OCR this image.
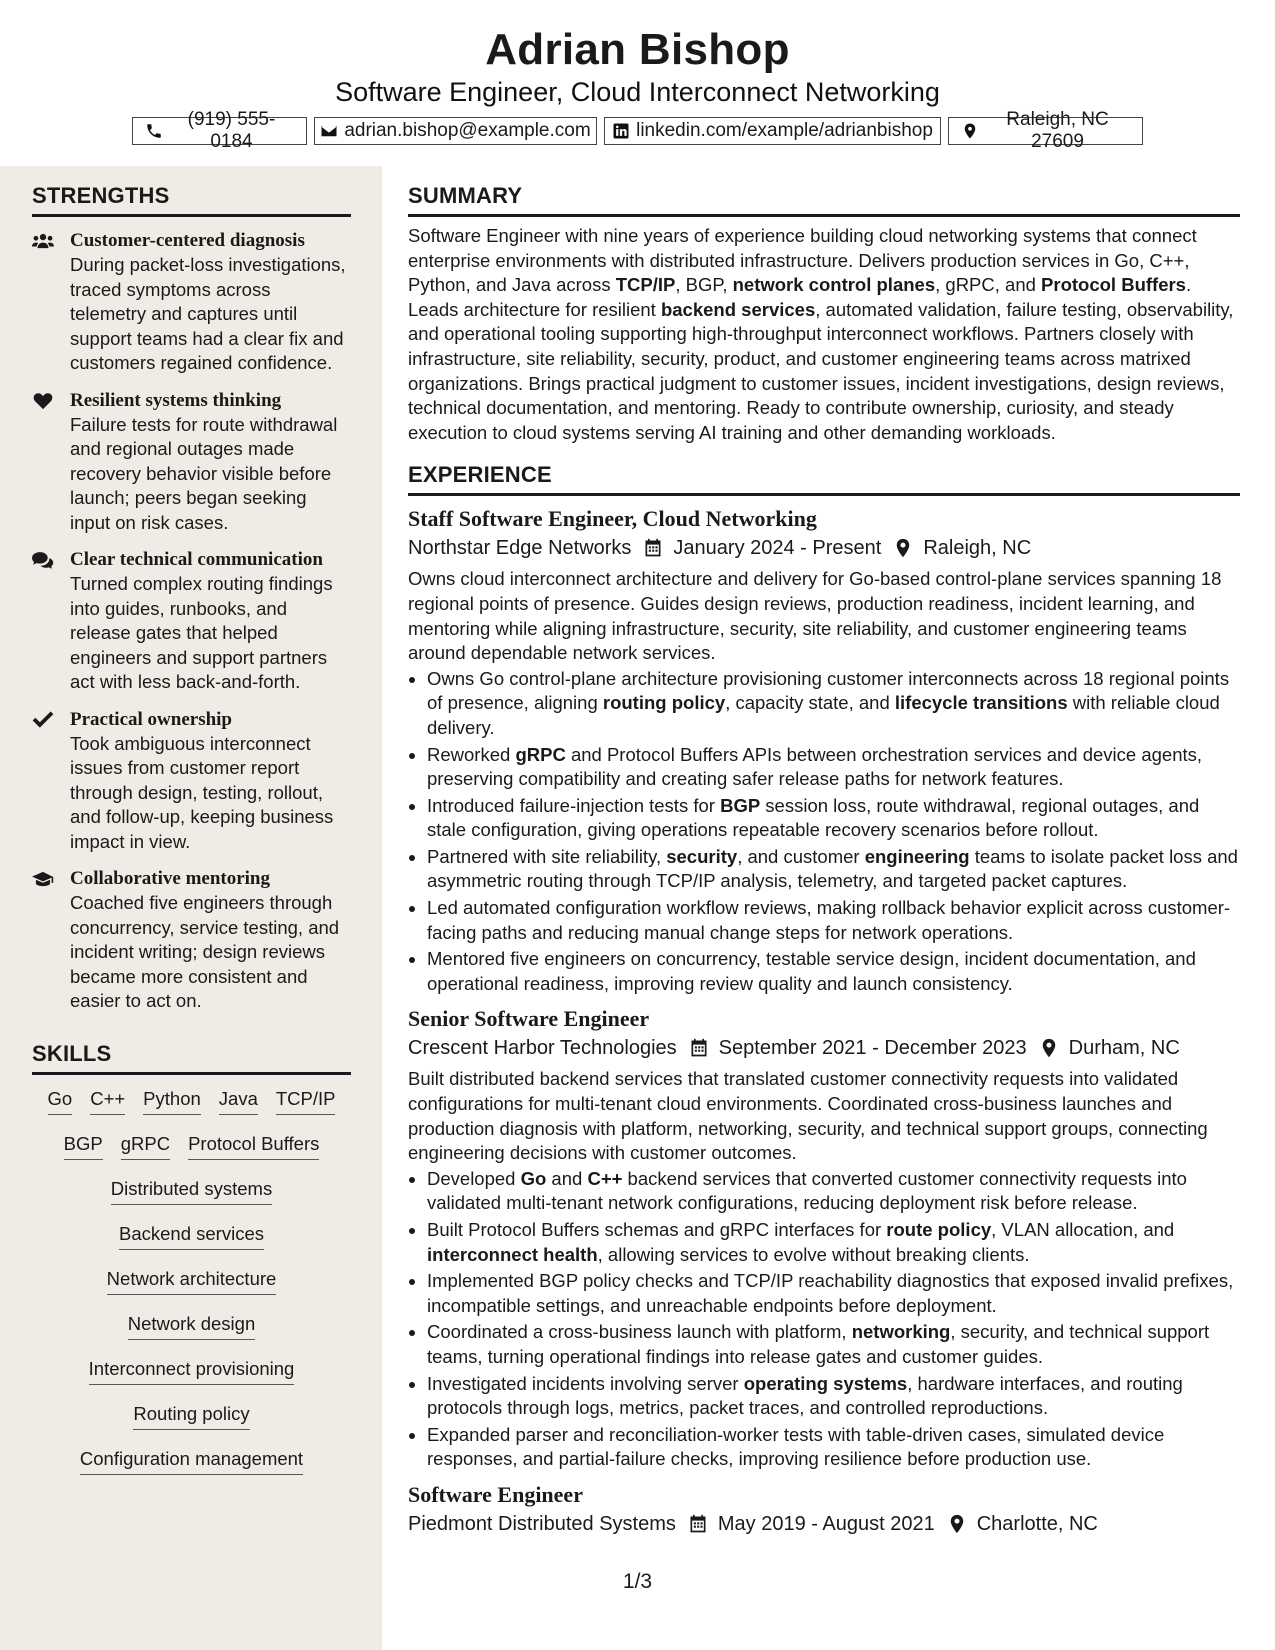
Adrian Bishop
Software Engineer, Cloud Interconnect Networking
(919) 555-0184
adrian.bishop@example.com linkedin.com/example/adrianbishop
Raleigh, NC 27609
STRENGTHS
Customer-centered diagnosis
During packet-loss investigations, traced symptoms across telemetry and captures until support teams had a clear fix and customers regained confidence.
Resilient systems thinking
Failure tests for route withdrawal and regional outages made recovery behavior visible before launch; peers began seeking input on risk cases.
Clear technical communication
Turned complex routing findings into guides, runbooks, and release gates that helped engineers and support partners act with less back-and-forth.
Practical ownership
Took ambiguous interconnect issues from customer report through design, testing, rollout, and follow-up, keeping business impact in view.
Collaborative mentoring
Coached five engineers through concurrency, service testing, and incident writing; design reviews became more consistent and easier to act on.
SKILLS
Go C++ Python Java TCP/IP
BGP gRPC Protocol Buffers
Distributed systems
Backend services
Network architecture
Network design
Interconnect provisioning
Routing policy
Configuration management
SUMMARY
Software Engineer with nine years of experience building cloud networking systems that connect enterprise environments with distributed infrastructure. Delivers production services in Go, C++, Python, and Java across TCP/IP, BGP, network control planes, gRPC, and Protocol Buffers. Leads architecture for resilient backend services, automated validation, failure testing, observability, and operational tooling supporting high-throughput interconnect workflows. Partners closely with infrastructure, site reliability, security, product, and customer engineering teams across matrixed organizations. Brings practical judgment to customer issues, incident investigations, design reviews, technical documentation, and mentoring. Ready to contribute ownership, curiosity, and steady execution to cloud systems serving AI training and other demanding workloads.
EXPERIENCE
Staff Software Engineer, Cloud Networking
Northstar Edge Networks January 2024 - Present Raleigh, NC
Owns cloud interconnect architecture and delivery for Go-based control-plane services spanning 18 regional points of presence. Guides design reviews, production readiness, incident learning, and mentoring while aligning infrastructure, security, site reliability, and customer engineering teams around dependable network services.
• Owns Go control-plane architecture provisioning customer interconnects across 18 regional points of presence, aligning routing policy, capacity state, and lifecycle transitions with reliable cloud delivery.
• Reworked gRPC and Protocol Buffers APIs between orchestration services and device agents, preserving compatibility and creating safer release paths for network features.
• Introduced failure-injection tests for BGP session loss, route withdrawal, regional outages, and stale configuration, giving operations repeatable recovery scenarios before rollout.
• Partnered with site reliability, security, and customer engineering teams to isolate packet loss and asymmetric routing through TCP/IP analysis, telemetry, and targeted packet captures.
• Led automated configuration workflow reviews, making rollback behavior explicit across customer-facing paths and reducing manual change steps for network operations.
• Mentored five engineers on concurrency, testable service design, incident documentation, and operational readiness, improving review quality and launch consistency.
Senior Software Engineer
Crescent Harbor Technologies September 2021 - December 2023 Durham, NC
Built distributed backend services that translated customer connectivity requests into validated configurations for multi-tenant cloud environments. Coordinated cross-business launches and production diagnosis with platform, networking, security, and technical support groups, connecting engineering decisions with customer outcomes.
• Developed Go and C++ backend services that converted customer connectivity requests into validated multi-tenant network configurations, reducing deployment risk before release.
• Built Protocol Buffers schemas and gRPC interfaces for route policy, VLAN allocation, and interconnect health, allowing services to evolve without breaking clients.
• Implemented BGP policy checks and TCP/IP reachability diagnostics that exposed invalid prefixes, incompatible settings, and unreachable endpoints before deployment.
• Coordinated a cross-business launch with platform, networking, security, and technical support teams, turning operational findings into release gates and customer guides.
• Investigated incidents involving server operating systems, hardware interfaces, and routing protocols through logs, metrics, packet traces, and controlled reproductions.
• Expanded parser and reconciliation-worker tests with table-driven cases, simulated device responses, and partial-failure checks, improving resilience before production use.
Software Engineer
Piedmont Distributed Systems May 2019 - August 2021 Charlotte, NC
1/3
